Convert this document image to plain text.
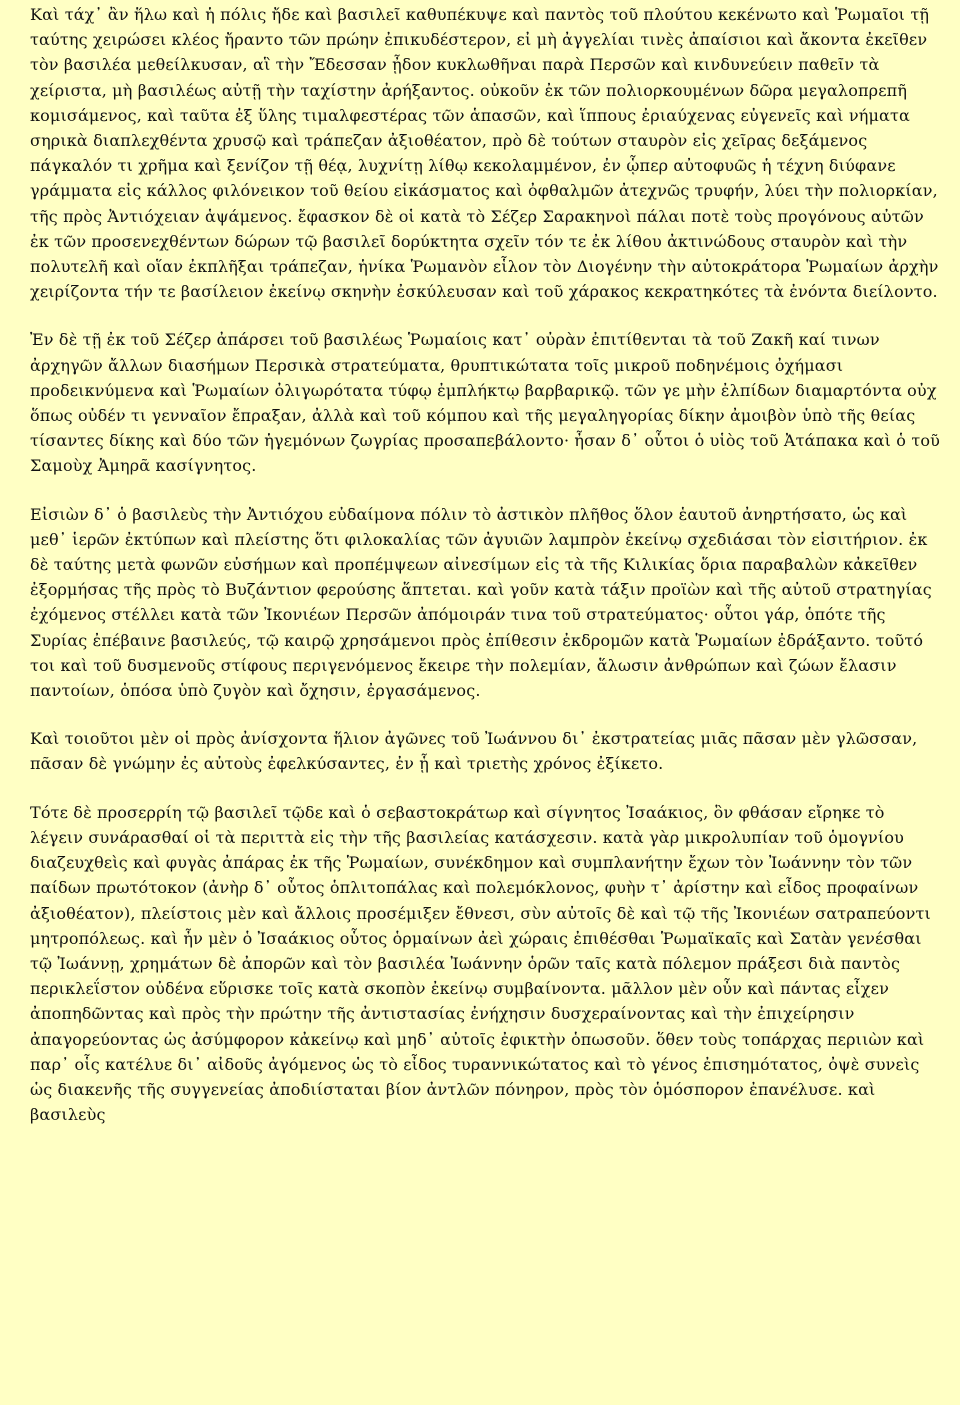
Καὶ τάχ᾽ ἂν ἥλω καὶ ἡ πόλις ἤδε καὶ βασιλεῖ καθυπέκυψε καὶ παντὸς τοῦ πλούτου κεκένωτο καὶ Ῥωμαῖοι τῇ ταύτης χειρώσει κλέος ἤραντο τῶν πρώην ἐπικυδέστερον, εἰ μὴ ἀγγελίαι τινὲς ἀπαίσιοι καὶ ἄκοντα ἐκεῖθεν τὸν βασιλέα μεθείλκυσαν, αἳ τὴν Ἔδεσσαν ᾖδον κυκλωθῆναι παρὰ Περσῶν καὶ κινδυνεύειν παθεῖν τὰ χείριστα, μὴ βασιλέως αὐτῇ τὴν ταχίστην ἀρήξαντος. οὐκοῦν ἐκ τῶν πολιορκουμένων δῶρα μεγαλοπρεπῆ κομισάμενος, καὶ ταῦτα ἐξ ὕλης τιμαλφεστέρας τῶν ἁπασῶν, καὶ ἵππους ἐριαύχενας εὐγενεῖς καὶ νήματα σηρικὰ διαπλεχθέντα χρυσῷ καὶ τράπεζαν ἀξιοθέατον, πρὸ δὲ τούτων σταυρὸν εἰς χεῖρας δεξάμενος πάγκαλόν τι χρῆμα καὶ ξενίζον τῇ θέᾳ, λυχνίτῃ λίθῳ κεκολαμμένον, ἐν ᾧπερ αὐτοφυῶς ἡ τέχνη διύφανε γράμματα εἰς κάλλος φιλόνεικον τοῦ θείου εἰκάσματος καὶ ὀφθαλμῶν ἀτεχνῶς τρυφήν, λύει τὴν πολιορκίαν, τῆς πρὸς Ἀντιόχειαν ἁψάμενος. ἔφασκον δὲ οἱ κατὰ τὸ Σέζερ Σαρακηνοὶ πάλαι ποτὲ τοὺς προγόνους αὐτῶν ἐκ τῶν προσενεχθέντων δώρων τῷ βασιλεῖ δορύκτητα σχεῖν τόν τε ἐκ λίθου ἀκτινώδους σταυρὸν καὶ τὴν πολυτελῆ καὶ οἵαν ἐκπλῆξαι τράπεζαν, ἡνίκα Ῥωμανὸν εἷλον τὸν Διογένην τὴν αὐτοκράτορα Ῥωμαίων ἀρχὴν χειρίζοντα τήν τε βασίλειον ἐκείνῳ σκηνὴν ἐσκύλευσαν καὶ τοῦ χάρακος κεκρατηκότες τὰ ἐνόντα διείλοντο.

Ἐν δὲ τῇ ἐκ τοῦ Σέζερ ἀπάρσει τοῦ βασιλέως Ῥωμαίοις κατ᾽ οὐρὰν ἐπιτίθενται τὰ τοῦ Ζακῆ καί τινων ἀρχηγῶν ἄλλων διασήμων Περσικὰ στρατεύματα, θρυπτικώτατα τοῖς μικροῦ ποδηνέμοις ὀχήμασι προδεικνύμενα καὶ Ῥωμαίων ὀλιγωρότατα τύφῳ ἐμπλήκτῳ βαρβαρικῷ. τῶν γε μὴν ἐλπίδων διαμαρτόντα οὐχ ὅπως οὐδέν τι γενναῖον ἔπραξαν, ἀλλὰ καὶ τοῦ κόμπου καὶ τῆς μεγαληγορίας δίκην ἀμοιβὸν ὑπὸ τῆς θείας τίσαντες δίκης καὶ δύο τῶν ἡγεμόνων ζωγρίας προσαπεβάλοντο· ἦσαν δ᾽ οὗτοι ὁ υἱὸς τοῦ Ἀτάπακα καὶ ὁ τοῦ Σαμοὺχ Ἀμηρᾶ κασίγνητος.

Εἰσιὼν δ᾽ ὁ βασιλεὺς τὴν Ἀντιόχου εὐδαίμονα πόλιν τὸ ἀστικὸν πλῆθος ὅλον ἑαυτοῦ ἀνηρτήσατο, ὡς καὶ μεθ᾽ ἱερῶν ἐκτύπων καὶ πλείστης ὅτι φιλοκαλίας τῶν ἀγυιῶν λαμπρὸν ἐκείνῳ σχεδιάσαι τὸν εἰσιτήριον. ἐκ δὲ ταύτης μετὰ φωνῶν εὐσήμων καὶ προπέμψεων αἰνεσίμων εἰς τὰ τῆς Κιλικίας ὅρια παραβαλὼν κἀκεῖθεν ἐξορμήσας τῆς πρὸς τὸ Βυζάντιον φερούσης ἅπτεται. καὶ γοῦν κατὰ τάξιν προϊὼν καὶ τῆς αὐτοῦ στρατηγίας ἐχόμενος στέλλει κατὰ τῶν Ἰκονιέων Περσῶν ἀπόμοιράν τινα τοῦ στρατεύματος· οὗτοι γάρ, ὁπότε τῆς Συρίας ἐπέβαινε βασιλεύς, τῷ καιρῷ χρησάμενοι πρὸς ἐπίθεσιν ἐκδρομῶν κατὰ Ῥωμαίων ἐδράξαντο. τοῦτό τοι καὶ τοῦ δυσμενοῦς στίφους περιγενόμενος ἔκειρε τὴν πολεμίαν, ἅλωσιν ἀνθρώπων καὶ ζώων ἔλασιν παντοίων, ὁπόσα ὑπὸ ζυγὸν καὶ ὄχησιν, ἐργασάμενος.

Καὶ τοιοῦτοι μὲν οἱ πρὸς ἀνίσχοντα ἥλιον ἀγῶνες τοῦ Ἰωάννου δι᾽ ἐκστρατείας μιᾶς πᾶσαν μὲν γλῶσσαν, πᾶσαν δὲ γνώμην ἐς αὐτοὺς ἐφελκύσαντες, ἐν ᾗ καὶ τριετὴς χρόνος ἐξίκετο.

Τότε δὲ προσερρίη τῷ βασιλεῖ τῷδε καὶ ὁ σεβαστοκράτωρ καὶ σίγνητος Ἰσαάκιος, ὃν φθάσαν εἴρηκε τὸ λέγειν συνάρασθαί οἱ τὰ περιττὰ εἰς τὴν τῆς βασιλείας κατάσχεσιν. κατὰ γὰρ μικρολυπίαν τοῦ ὁμογνίου διαζευχθεὶς καὶ φυγὰς ἀπάρας ἐκ τῆς Ῥωμαίων, συνέκδημον καὶ συμπλανήτην ἔχων τὸν Ἰωάννην τὸν τῶν παίδων πρωτότοκον (ἀνὴρ δ᾽ οὗτος ὁπλιτοπάλας καὶ πολεμόκλονος, φυὴν τ᾽ ἀρίστην καὶ εἶδος προφαίνων ἀξιοθέατον), πλείστοις μὲν καὶ ἄλλοις προσέμιξεν ἔθνεσι, σὺν αὐτοῖς δὲ καὶ τῷ τῆς Ἰκονιέων σατραπεύοντι μητροπόλεως. καὶ ἦν μὲν ὁ Ἰσαάκιος οὗτος ὁρμαίνων ἀεὶ χώραις ἐπιθέσθαι Ῥωμαϊκαῖς καὶ Σατὰν γενέσθαι τῷ Ἰωάννῃ, χρημάτων δὲ ἀπορῶν καὶ τὸν βασιλέα Ἰωάννην ὁρῶν ταῖς κατὰ πόλεμον πράξεσι διὰ παντὸς περικλεΐστον οὐδένα εὕρισκε τοῖς κατὰ σκοπὸν ἐκείνῳ συμβαίνοντα. μᾶλλον μὲν οὖν καὶ πάντας εἶχεν ἀποπηδῶντας καὶ πρὸς τὴν πρώτην τῆς ἀντιστασίας ἐνήχησιν δυσχεραίνοντας καὶ τὴν ἐπιχείρησιν ἀπαγορεύοντας ὡς ἀσύμφορον κἀκείνῳ καὶ μηδ᾽ αὐτοῖς ἐφικτὴν ὁπωσοῦν. ὅθεν τοὺς τοπάρχας περιιὼν καὶ παρ᾽ οἷς κατέλυε δι᾽ αἰδοῦς ἀγόμενος ὡς τὸ εἶδος τυραννικώτατος καὶ τὸ γένος ἐπισημότατος, ὀψὲ συνεὶς ὡς διακενῆς τῆς συγγενείας ἀποδιίσταται βίον ἀντλῶν πόνηρον, πρὸς τὸν ὁμόσπορον ἐπανέλυσε. καὶ βασιλεὺς
